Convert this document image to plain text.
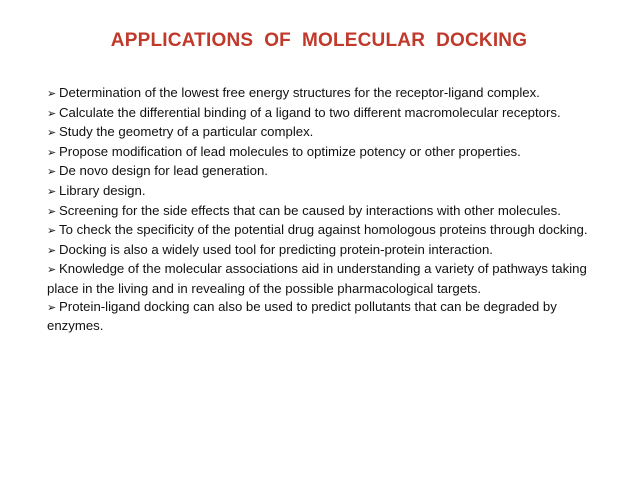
APPLICATIONS  OF  MOLECULAR  DOCKING
➢ Determination of the lowest free energy structures for the receptor-ligand complex.
➢ Calculate the differential binding of a ligand to two different macromolecular receptors.
➢ Study the geometry of a particular complex.
➢ Propose modification of lead molecules to optimize potency or other properties.
➢ De novo design for lead generation.
➢ Library design.
➢ Screening for the side effects that can be caused by interactions with other molecules.
➢ To check the specificity of the potential drug against homologous proteins through docking.
➢ Docking is also a widely used tool for predicting protein-protein interaction.
➢ Knowledge of the molecular associations aid in understanding a variety of pathways taking place in the living and in revealing of the possible pharmacological targets.
➢ Protein-ligand docking can also be used to predict pollutants that can be degraded by enzymes.
